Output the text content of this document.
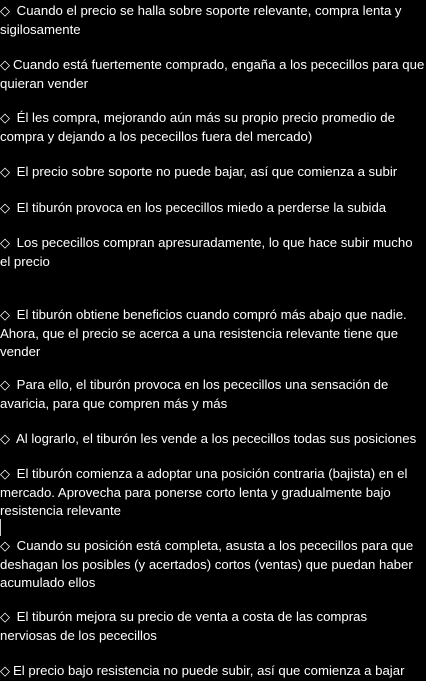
◇ Cuando el precio se halla sobre soporte relevante, compra lenta y sigilosamente

◇ Cuando está fuertemente comprado, engaña a los pececillos para que quieran vender

◇ Él les compra, mejorando aún más su propio precio promedio de compra y dejando a los pececillos fuera del mercado)

◇ El precio sobre soporte no puede bajar, así que comienza a subir

◇ El tiburón provoca en los pececillos miedo a perderse la subida

◇ Los pececillos compran apresuradamente, lo que hace subir mucho el precio

◇ El tiburón obtiene beneficios cuando compró más abajo que nadie. Ahora, que el precio se acerca a una resistencia relevante tiene que vender

◇ Para ello, el tiburón provoca en los pececillos una sensación de avaricia, para que compren más y más

◇ Al lograrlo, el tiburón les vende a los pececillos todas sus posiciones

◇ El tiburón comienza a adoptar una posición contraria (bajista) en el mercado. Aprovecha para ponerse corto lenta y gradualmente bajo resistencia relevante

◇ Cuando su posición está completa, asusta a los pececillos para que deshagan los posibles (y acertados) cortos (ventas) que puedan haber acumulado ellos

◇ El tiburón mejora su precio de venta a costa de las compras nerviosas de los pececillos

◇ El precio bajo resistencia no puede subir, así que comienza a bajar
